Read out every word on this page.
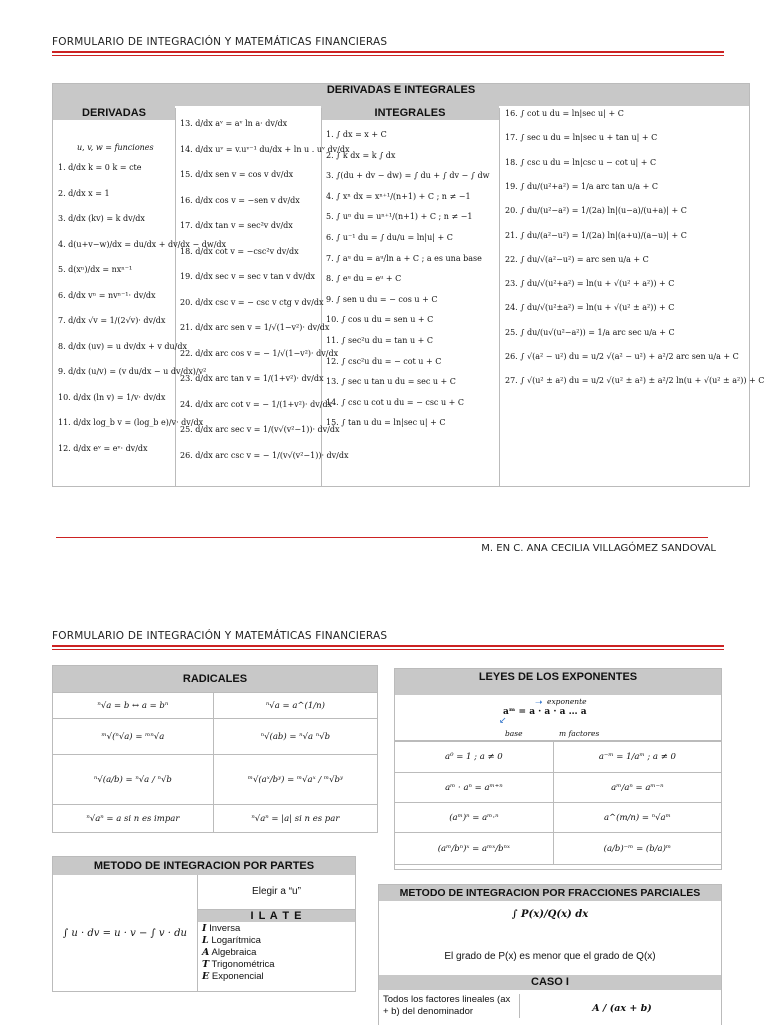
FORMULARIO DE INTEGRACIÓN Y MATEMÁTICAS FINANCIERAS
DERIVADAS E INTEGRALES
DERIVADAS	INTEGRALES
u, v, w = funciones
1. d/dx k = 0 k = cte
2. d/dx x = 1
3. d/dx (kv) = k dv/dx
4. d(u+v−w)/dx = du/dx + dv/dx − dw/dx
5. d(xⁿ)/dx = nxⁿ⁻¹
6. d/dx vⁿ = nvⁿ⁻¹· dv/dx
7. d/dx √v = 1/(2√v)· dv/dx
8. d/dx (uv) = u dv/dx + v du/dx
9. d/dx (u/v) = (v du/dx − u dv/dx)/v²
10. d/dx (ln v) = 1/v· dv/dx
11. d/dx log_b v = (log_b e)/v· dv/dx
12. d/dx eᵛ = eᵛ· dv/dx
13. d/dx aᵛ = aᵛ ln a· dv/dx
14. d/dx uᵛ = v.uᵛ⁻¹ du/dx + ln u . uᵛ dv/dx
15. d/dx sen v = cos v dv/dx
16. d/dx cos v = −sen v dv/dx
17. d/dx tan v = sec²v dv/dx
18. d/dx cot v = −csc²v dv/dx
19. d/dx sec v = sec v tan v dv/dx
20. d/dx csc v = − csc v ctg v dv/dx
21. d/dx arc sen v = 1/√(1−v²)· dv/dx
22. d/dx arc cos v = − 1/√(1−v²)· dv/dx
23. d/dx arc tan v = 1/(1+v²)· dv/dx
24. d/dx arc cot v = − 1/(1+v²)· dv/dx
25. d/dx arc sec v = 1/(v√(v²−1))· dv/dx
26. d/dx arc csc v = − 1/(v√(v²−1))· dv/dx
1. ∫ dx = x + C
2. ∫ k dx = k ∫ dx
3. ∫(du + dv − dw) = ∫ du + ∫ dv − ∫ dw
4. ∫ xⁿ dx = xⁿ⁺¹/(n+1) + C ; n ≠ −1
5. ∫ uⁿ du = uⁿ⁺¹/(n+1) + C ; n ≠ −1
6. ∫ u⁻¹ du = ∫ du/u = ln|u| + C
7. ∫ aᵘ du = aᵘ/ln a + C ; a es una base
8. ∫ eᵘ du = eᵘ + C
9. ∫ sen u du = − cos u + C
10. ∫ cos u du = sen u + C
11. ∫ sec²u du = tan u + C
12. ∫ csc²u du = − cot u + C
13. ∫ sec u tan u du = sec u + C
14. ∫ csc u cot u du = − csc u + C
15. ∫ tan u du = ln|sec u| + C
16. ∫ cot u du = ln|sec u| + C
17. ∫ sec u du = ln|sec u + tan u| + C
18. ∫ csc u du = ln|csc u − cot u| + C
19. ∫ du/(u²+a²) = 1/a arc tan u/a + C
20. ∫ du/(u²−a²) = 1/(2a) ln|(u−a)/(u+a)| + C
21. ∫ du/(a²−u²) = 1/(2a) ln|(a+u)/(a−u)| + C
22. ∫ du/√(a²−u²) = arc sen u/a + C
23. ∫ du/√(u²+a²) = ln(u + √(u² + a²)) + C
24. ∫ du/√(u²±a²) = ln(u + √(u² ± a²)) + C
25. ∫ du/(u√(u²−a²)) = 1/a arc sec u/a + C
26. ∫ √(a² − u²) du = u/2 √(a² − u²) + a²/2 arc sen u/a + C
27. ∫ √(u² ± a²) du = u/2 √(u² ± a²) ± a²/2 ln(u + √(u² ± a²)) + C
M. EN C. ANA CECILIA VILLAGÓMEZ SANDOVAL
FORMULARIO DE INTEGRACIÓN Y MATEMÁTICAS FINANCIERAS
RADICALES	
ⁿ√a = b ↔ a = bⁿ	ⁿ√a = a^(1/n)
ᵐ√(ⁿ√a) = ᵐⁿ√a	ⁿ√(ab) = ⁿ√a ⁿ√b
ⁿ√(a/b) = ⁿ√a / ⁿ√b	ᵐ√(aˣ/bʸ) = ᵐ√aˣ / ᵐ√bʸ
ⁿ√aⁿ = a si n es impar	ⁿ√aⁿ = |a| si n es par
LEYES DE LOS EXPONENTES
exponente
➝
aᵐ = a · a · a … a
↙
base	m factores
a⁰ = 1 ; a ≠ 0	a⁻ᵐ = 1/aᵐ ; a ≠ 0
aᵐ · aⁿ = aᵐ⁺ⁿ	aᵐ/aⁿ = aᵐ⁻ⁿ
(aᵐ)ⁿ = aᵐ·ⁿ	a^(m/n) = ⁿ√aᵐ
(aᵐ/bⁿ)ˣ = aᵐˣ/bⁿˣ	(a/b)⁻ᵐ = (b/a)ᵐ
METODO DE INTEGRACION POR PARTES
∫ u · dv = u · v − ∫ v · du
Elegir a “u”
I L A T E
I Inversa
L Logarítmica
A Algebraica
T Trigonométrica
E Exponencial
METODO DE INTEGRACION POR FRACCIONES PARCIALES
∫ P(x)/Q(x) dx
El grado de P(x) es menor que el grado de Q(x)
CASO I
Todos los factores lineales (ax + b) del denominador	A / (ax + b)
